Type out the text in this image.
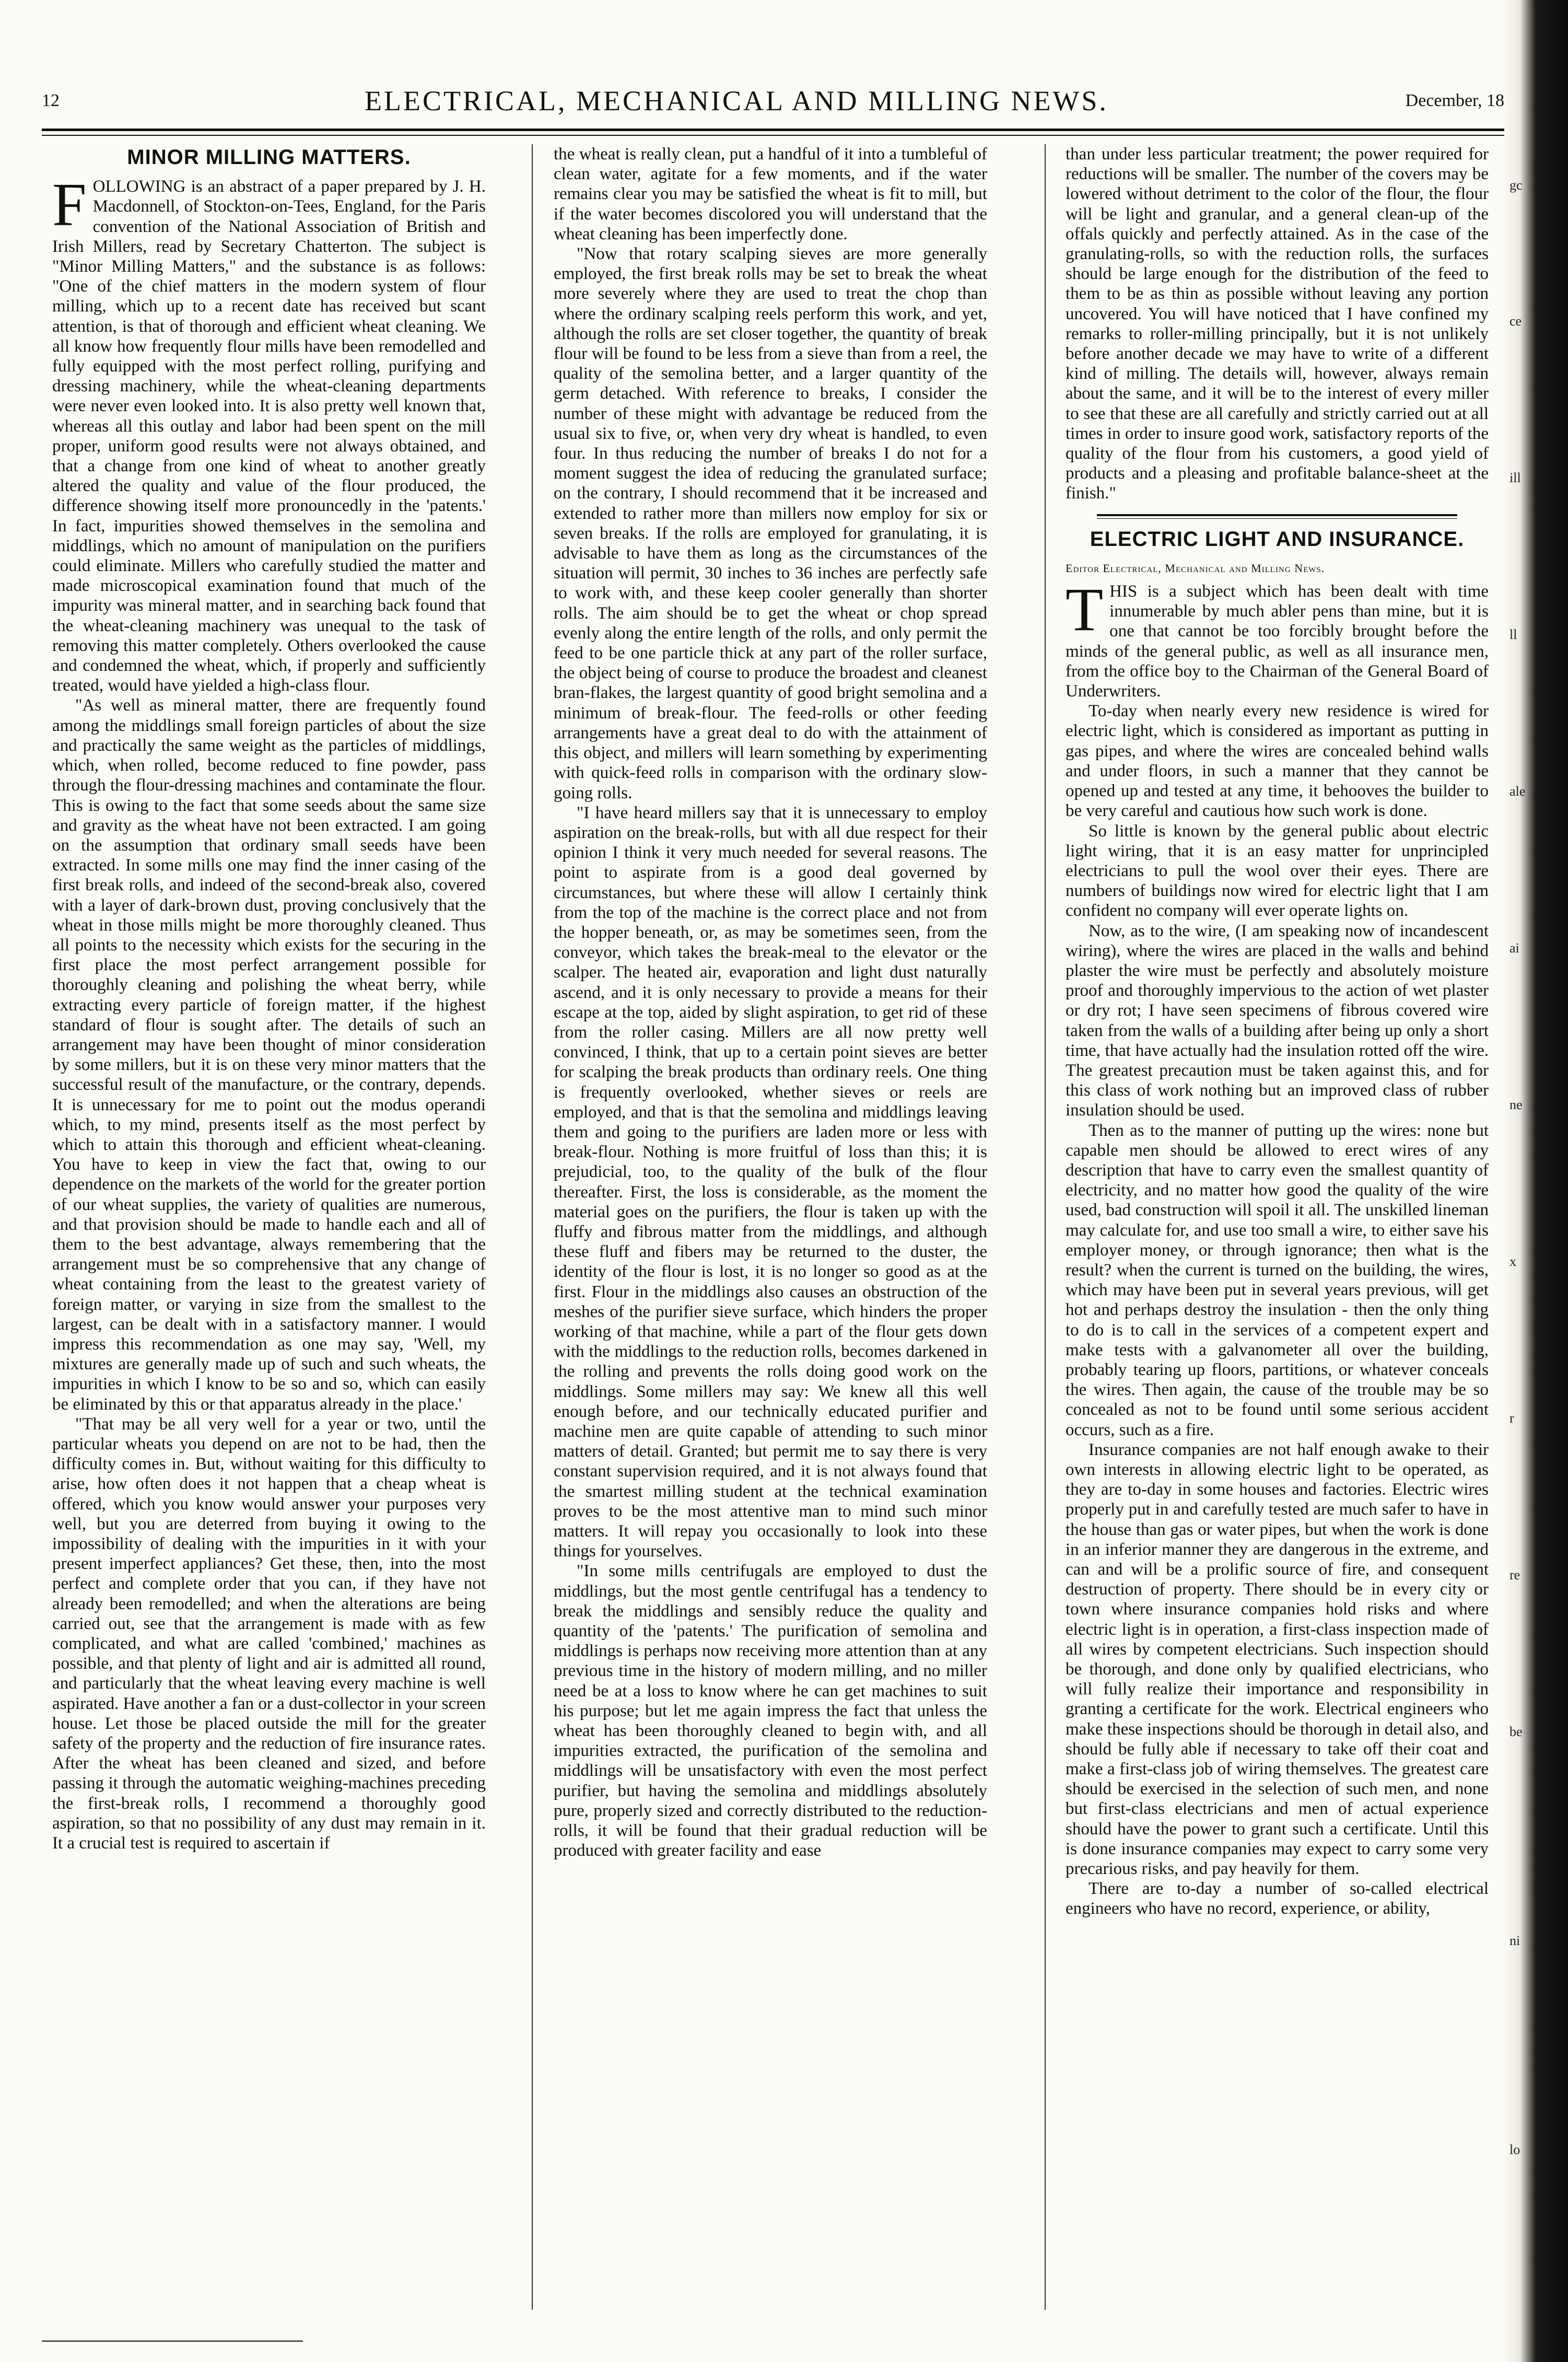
12	ELECTRICAL, MECHANICAL AND MILLING NEWS.	December, 18
MINOR MILLING MATTERS.

FOLLOWING is an abstract of a paper prepared by J. H. Macdonnell, of Stockton-on-Tees, England, for the Paris convention of the National Association of British and Irish Millers, read by Secretary Chatterton. The subject is "Minor Milling Matters," and the substance is as follows: "One of the chief matters in the modern system of flour milling, which up to a recent date has received but scant attention, is that of thorough and efficient wheat cleaning. We all know how frequently flour mills have been remodelled and fully equipped with the most perfect rolling, purifying and dressing machinery, while the wheat-cleaning departments were never even looked into. It is also pretty well known that, whereas all this outlay and labor had been spent on the mill proper, uniform good results were not always obtained, and that a change from one kind of wheat to another greatly altered the quality and value of the flour produced, the difference showing itself more pronouncedly in the 'patents.' In fact, impurities showed themselves in the semolina and middlings, which no amount of manipulation on the purifiers could eliminate. Millers who carefully studied the matter and made microscopical examination found that much of the impurity was mineral matter, and in searching back found that the wheat-cleaning machinery was unequal to the task of removing this matter completely. Others overlooked the cause and condemned the wheat, which, if properly and sufficiently treated, would have yielded a high-class flour.

"As well as mineral matter, there are frequently found among the middlings small foreign particles of about the size and practically the same weight as the particles of middlings, which, when rolled, become reduced to fine powder, pass through the flour-dressing machines and contaminate the flour. This is owing to the fact that some seeds about the same size and gravity as the wheat have not been extracted. I am going on the assumption that ordinary small seeds have been extracted. In some mills one may find the inner casing of the first break rolls, and indeed of the second-break also, covered with a layer of dark-brown dust, proving conclusively that the wheat in those mills might be more thoroughly cleaned. Thus all points to the necessity which exists for the securing in the first place the most perfect arrangement possible for thoroughly cleaning and polishing the wheat berry, while extracting every particle of foreign matter, if the highest standard of flour is sought after. The details of such an arrangement may have been thought of minor consideration by some millers, but it is on these very minor matters that the successful result of the manufacture, or the contrary, depends. It is unnecessary for me to point out the modus operandi which, to my mind, presents itself as the most perfect by which to attain this thorough and efficient wheat-cleaning. You have to keep in view the fact that, owing to our dependence on the markets of the world for the greater portion of our wheat supplies, the variety of qualities are numerous, and that provision should be made to handle each and all of them to the best advantage, always remembering that the arrangement must be so comprehensive that any change of wheat containing from the least to the greatest variety of foreign matter, or varying in size from the smallest to the largest, can be dealt with in a satisfactory manner. I would impress this recommendation as one may say, 'Well, my mixtures are generally made up of such and such wheats, the impurities in which I know to be so and so, which can easily be eliminated by this or that apparatus already in the place.'

"That may be all very well for a year or two, until the particular wheats you depend on are not to be had, then the difficulty comes in. But, without waiting for this difficulty to arise, how often does it not happen that a cheap wheat is offered, which you know would answer your purposes very well, but you are deterred from buying it owing to the impossibility of dealing with the impurities in it with your present imperfect appliances? Get these, then, into the most perfect and complete order that you can, if they have not already been remodelled; and when the alterations are being carried out, see that the arrangement is made with as few complicated, and what are called 'combined,' machines as possible, and that plenty of light and air is admitted all round, and particularly that the wheat leaving every machine is well aspirated. Have another a fan or a dust-collector in your screen house. Let those be placed outside the mill for the greater safety of the property and the reduction of fire insurance rates. After the wheat has been cleaned and sized, and before passing it through the automatic weighing-machines preceding the first-break rolls, I recommend a thoroughly good aspiration, so that no possibility of any dust may remain in it. It a crucial test is required to ascertain if

the wheat is really clean, put a handful of it into a tumbleful of clean water, agitate for a few moments, and if the water remains clear you may be satisfied the wheat is fit to mill, but if the water becomes discolored you will understand that the wheat cleaning has been imperfectly done.

"Now that rotary scalping sieves are more generally employed, the first break rolls may be set to break the wheat more severely where they are used to treat the chop than where the ordinary scalping reels perform this work, and yet, although the rolls are set closer together, the quantity of break flour will be found to be less from a sieve than from a reel, the quality of the semolina better, and a larger quantity of the germ detached. With reference to breaks, I consider the number of these might with advantage be reduced from the usual six to five, or, when very dry wheat is handled, to even four. In thus reducing the number of breaks I do not for a moment suggest the idea of reducing the granulated surface; on the contrary, I should recommend that it be increased and extended to rather more than millers now employ for six or seven breaks. If the rolls are employed for granulating, it is advisable to have them as long as the circumstances of the situation will permit, 30 inches to 36 inches are perfectly safe to work with, and these keep cooler generally than shorter rolls. The aim should be to get the wheat or chop spread evenly along the entire length of the rolls, and only permit the feed to be one particle thick at any part of the roller surface, the object being of course to produce the broadest and cleanest bran-flakes, the largest quantity of good bright semolina and a minimum of break-flour. The feed-rolls or other feeding arrangements have a great deal to do with the attainment of this object, and millers will learn something by experimenting with quick-feed rolls in comparison with the ordinary slow-going rolls.

"I have heard millers say that it is unnecessary to employ aspiration on the break-rolls, but with all due respect for their opinion I think it very much needed for several reasons. The point to aspirate from is a good deal governed by circumstances, but where these will allow I certainly think from the top of the machine is the correct place and not from the hopper beneath, or, as may be sometimes seen, from the conveyor, which takes the break-meal to the elevator or the scalper. The heated air, evaporation and light dust naturally ascend, and it is only necessary to provide a means for their escape at the top, aided by slight aspiration, to get rid of these from the roller casing. Millers are all now pretty well convinced, I think, that up to a certain point sieves are better for scalping the break products than ordinary reels. One thing is frequently overlooked, whether sieves or reels are employed, and that is that the semolina and middlings leaving them and going to the purifiers are laden more or less with break-flour. Nothing is more fruitful of loss than this; it is prejudicial, too, to the quality of the bulk of the flour thereafter. First, the loss is considerable, as the moment the material goes on the purifiers, the flour is taken up with the fluffy and fibrous matter from the middlings, and although these fluff and fibers may be returned to the duster, the identity of the flour is lost, it is no longer so good as at the first. Flour in the middlings also causes an obstruction of the meshes of the purifier sieve surface, which hinders the proper working of that machine, while a part of the flour gets down with the middlings to the reduction rolls, becomes darkened in the rolling and prevents the rolls doing good work on the middlings. Some millers may say: We knew all this well enough before, and our technically educated purifier and machine men are quite capable of attending to such minor matters of detail. Granted; but permit me to say there is very constant supervision required, and it is not always found that the smartest milling student at the technical examination proves to be the most attentive man to mind such minor matters. It will repay you occasionally to look into these things for yourselves.

"In some mills centrifugals are employed to dust the middlings, but the most gentle centrifugal has a tendency to break the middlings and sensibly reduce the quality and quantity of the 'patents.' The purification of semolina and middlings is perhaps now receiving more attention than at any previous time in the history of modern milling, and no miller need be at a loss to know where he can get machines to suit his purpose; but let me again impress the fact that unless the wheat has been thoroughly cleaned to begin with, and all impurities extracted, the purification of the semolina and middlings will be unsatisfactory with even the most perfect purifier, but having the semolina and middlings absolutely pure, properly sized and correctly distributed to the reduction-rolls, it will be found that their gradual reduction will be produced with greater facility and ease

than under less particular treatment; the power required for reductions will be smaller. The number of the covers may be lowered without detriment to the color of the flour, the flour will be light and granular, and a general clean-up of the offals quickly and perfectly attained. As in the case of the granulating-rolls, so with the reduction rolls, the surfaces should be large enough for the distribution of the feed to them to be as thin as possible without leaving any portion uncovered. You will have noticed that I have confined my remarks to roller-milling principally, but it is not unlikely before another decade we may have to write of a different kind of milling. The details will, however, always remain about the same, and it will be to the interest of every miller to see that these are all carefully and strictly carried out at all times in order to insure good work, satisfactory reports of the quality of the flour from his customers, a good yield of products and a pleasing and profitable balance-sheet at the finish."

ELECTRIC LIGHT AND INSURANCE.
Editor Electrical, Mechanical and Milling News.

THIS is a subject which has been dealt with time innumerable by much abler pens than mine, but it is one that cannot be too forcibly brought before the minds of the general public, as well as all insurance men, from the office boy to the Chairman of the General Board of Underwriters.

To-day when nearly every new residence is wired for electric light, which is considered as important as putting in gas pipes, and where the wires are concealed behind walls and under floors, in such a manner that they cannot be opened up and tested at any time, it behooves the builder to be very careful and cautious how such work is done.

So little is known by the general public about electric light wiring, that it is an easy matter for unprincipled electricians to pull the wool over their eyes. There are numbers of buildings now wired for electric light that I am confident no company will ever operate lights on.

Now, as to the wire, (I am speaking now of incandescent wiring), where the wires are placed in the walls and behind plaster the wire must be perfectly and absolutely moisture proof and thoroughly impervious to the action of wet plaster or dry rot; I have seen specimens of fibrous covered wire taken from the walls of a building after being up only a short time, that have actually had the insulation rotted off the wire. The greatest precaution must be taken against this, and for this class of work nothing but an improved class of rubber insulation should be used.

Then as to the manner of putting up the wires: none but capable men should be allowed to erect wires of any description that have to carry even the smallest quantity of electricity, and no matter how good the quality of the wire used, bad construction will spoil it all. The unskilled lineman may calculate for, and use too small a wire, to either save his employer money, or through ignorance; then what is the result? when the current is turned on the building, the wires, which may have been put in several years previous, will get hot and perhaps destroy the insulation - then the only thing to do is to call in the services of a competent expert and make tests with a galvanometer all over the building, probably tearing up floors, partitions, or whatever conceals the wires. Then again, the cause of the trouble may be so concealed as not to be found until some serious accident occurs, such as a fire.

Insurance companies are not half enough awake to their own interests in allowing electric light to be operated, as they are to-day in some houses and factories. Electric wires properly put in and carefully tested are much safer to have in the house than gas or water pipes, but when the work is done in an inferior manner they are dangerous in the extreme, and can and will be a prolific source of fire, and consequent destruction of property. There should be in every city or town where insurance companies hold risks and where electric light is in operation, a first-class inspection made of all wires by competent electricians. Such inspection should be thorough, and done only by qualified electricians, who will fully realize their importance and responsibility in granting a certificate for the work. Electrical engineers who make these inspections should be thorough in detail also, and should be fully able if necessary to take off their coat and make a first-class job of wiring themselves. The greatest care should be exercised in the selection of such men, and none but first-class electricians and men of actual experience should have the power to grant such a certificate. Until this is done insurance companies may expect to carry some very precarious risks, and pay heavily for them.

There are to-day a number of so-called electrical engineers who have no record, experience, or ability,

gc
ce
ill
ll
ale
ai
ne
x
r
re
be
ni
lo
